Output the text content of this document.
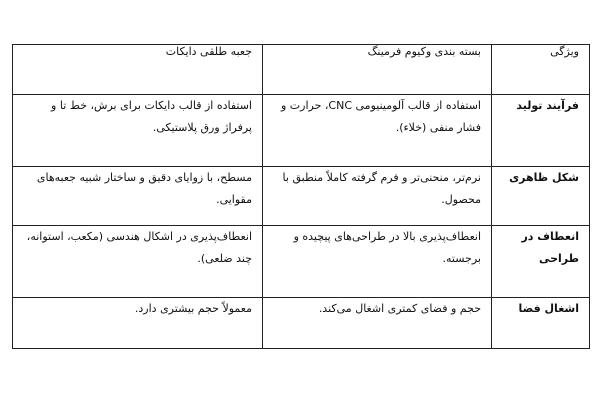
ویژگی	بسته بندی وکیوم فرمینگ	جعبه طلقی دایکات
فرآیند تولید	استفاده از قالب آلومینیومی CNC، حرارت و فشار منفی (خلاء).	استفاده از قالب دایکات برای برش، خط تا و پرفراژ ورق پلاستیکی.
شکل ظاهری	نرم‌تر، منحنی‌تر و فرم گرفته کاملاً منطبق با محصول.	مسطح، با زوایای دقیق و ساختار شبیه جعبه‌های مقوایی.
انعطاف در طراحی	انعطاف‌پذیری بالا در طراحی‌های پیچیده و برجسته.	انعطاف‌پذیری در اشکال هندسی (مکعب، استوانه، چند ضلعی).
اشغال فضا	حجم و فضای کمتری اشغال می‌کند.	معمولاً حجم بیشتری دارد.
